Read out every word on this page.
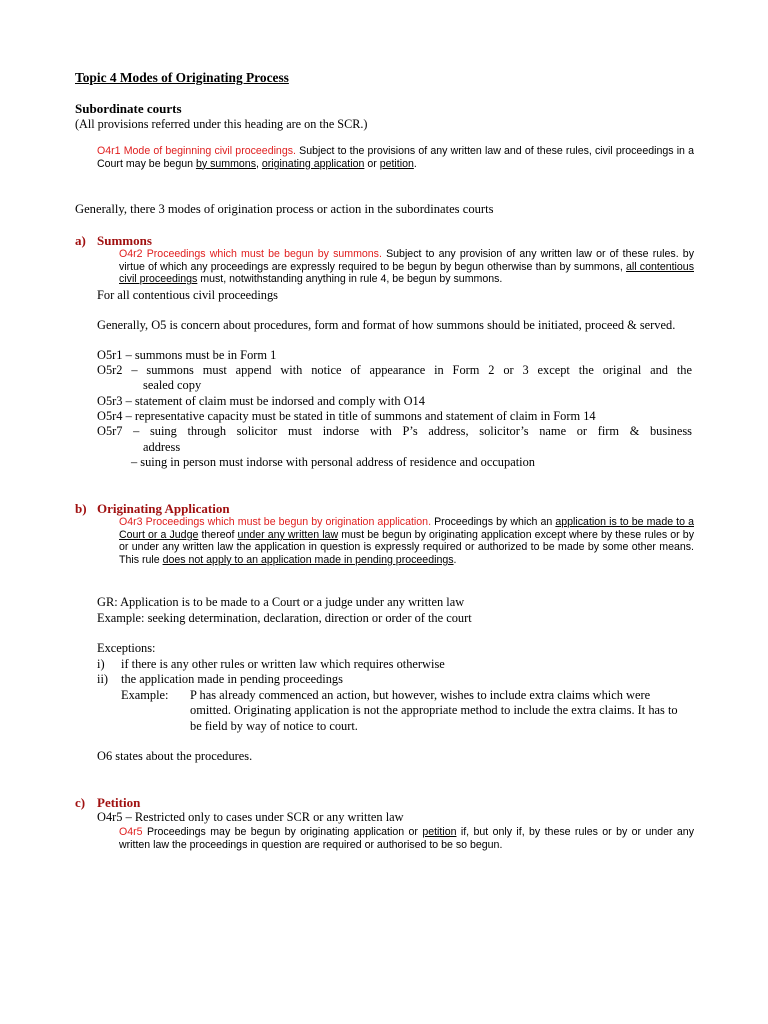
Topic 4 Modes of Originating Process
Subordinate courts
(All provisions referred under this heading are on the SCR.)
O4r1 Mode of beginning civil proceedings. Subject to the provisions of any written law and of these rules, civil proceedings in a Court may be begun by summons, originating application or petition.
Generally, there 3 modes of origination process or action in the subordinates courts
a) Summons
O4r2 Proceedings which must be begun by summons. Subject to any provision of any written law or of these rules. by virtue of which any proceedings are expressly required to be begun by begun otherwise than by summons, all contentious civil proceedings must, notwithstanding anything in rule 4, be begun by summons.
For all contentious civil proceedings
Generally, O5 is concern about procedures, form and format of how summons should be initiated, proceed & served.
O5r1 – summons must be in Form 1
O5r2 – summons must append with notice of appearance in Form 2 or 3 except the original and the
sealed copy
O5r3 – statement of claim must be indorsed and comply with O14
O5r4 – representative capacity must be stated in title of summons and statement of claim in Form 14
O5r7 – suing through solicitor must indorse with P’s address, solicitor’s name or firm & business
address
– suing in person must indorse with personal address of residence and occupation
b) Originating Application
O4r3 Proceedings which must be begun by origination application. Proceedings by which an application is to be made to a Court or a Judge thereof under any written law must be begun by originating application except where by these rules or by or under any written law the application in question is expressly required or authorized to be made by some other means. This rule does not apply to an application made in pending proceedings.
GR: Application is to be made to a Court or a judge under any written law
Example: seeking determination, declaration, direction or order of the court
Exceptions:
i) if there is any other rules or written law which requires otherwise
ii) the application made in pending proceedings
Example: P has already commenced an action, but however, wishes to include extra claims which were omitted. Originating application is not the appropriate method to include the extra claims. It has to be field by way of notice to court.
O6 states about the procedures.
c) Petition
O4r5 – Restricted only to cases under SCR or any written law
O4r5 Proceedings may be begun by originating application or petition if, but only if, by these rules or by or under any written law the proceedings in question are required or authorised to be so begun.
